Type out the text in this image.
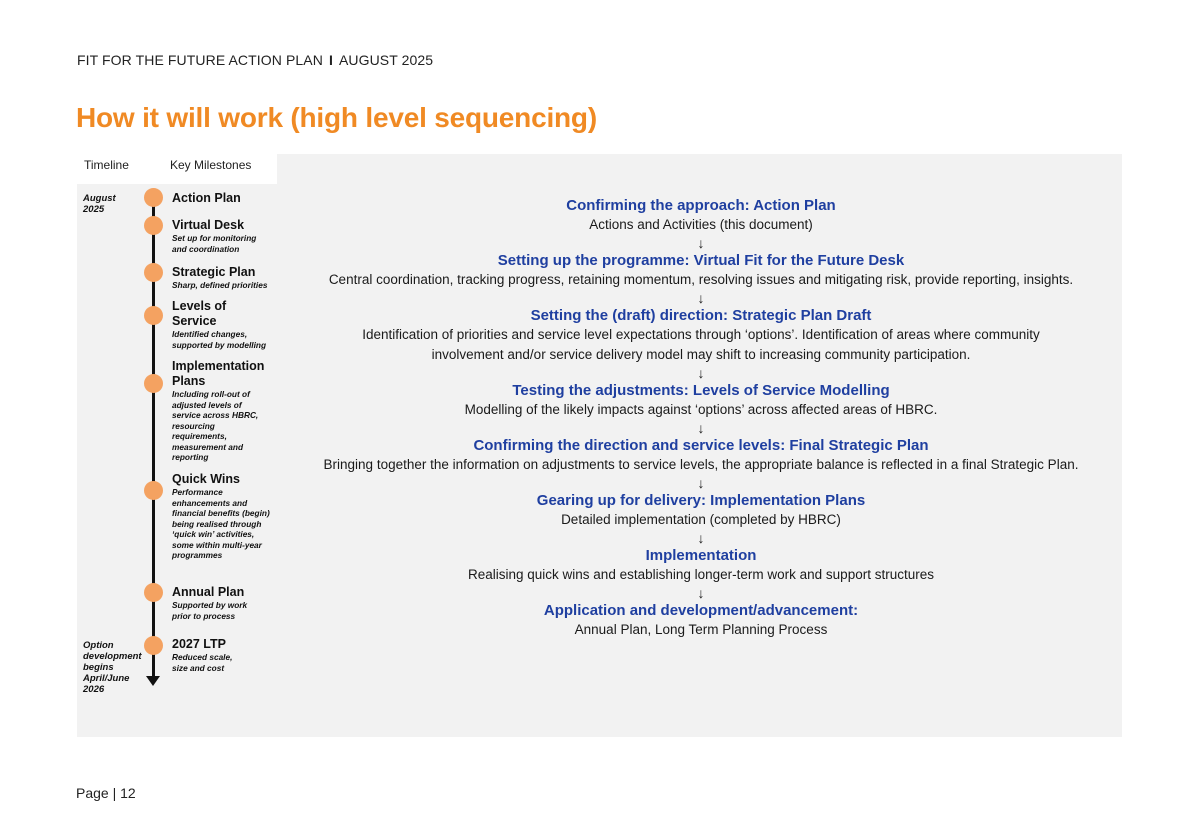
FIT FOR THE FUTURE ACTION PLAN I AUGUST 2025
How it will work (high level sequencing)
Timeline	Key Milestones
August
2025
Option
development
begins
April/June
2026
Action Plan
Virtual Desk
Set up for monitoring
and coordination
Strategic Plan
Sharp, defined priorities
Levels of
Service
Identified changes,
supported by modelling
Implementation
Plans
Including roll-out of
adjusted levels of
service across HBRC,
resourcing
requirements,
measurement and
reporting
Quick Wins
Performance
enhancements and
financial benefits (begin)
being realised through
‘quick win’ activities,
some within multi-year
programmes
Annual Plan
Supported by work
prior to process
2027 LTP
Reduced scale,
size and cost
Confirming the approach: Action Plan
Actions and Activities (this document)
↓
Setting up the programme: Virtual Fit for the Future Desk
Central coordination, tracking progress, retaining momentum, resolving issues and mitigating risk, provide reporting, insights.
↓
Setting the (draft) direction: Strategic Plan Draft
Identification of priorities and service level expectations through ‘options’. Identification of areas where community
involvement and/or service delivery model may shift to increasing community participation.
↓
Testing the adjustments: Levels of Service Modelling
Modelling of the likely impacts against ‘options’ across affected areas of HBRC.
↓
Confirming the direction and service levels: Final Strategic Plan
Bringing together the information on adjustments to service levels, the appropriate balance is reflected in a final Strategic Plan.
↓
Gearing up for delivery: Implementation Plans
Detailed implementation (completed by HBRC)
↓
Implementation
Realising quick wins and establishing longer-term work and support structures
↓
Application and development/advancement:
Annual Plan, Long Term Planning Process
Page | 12
